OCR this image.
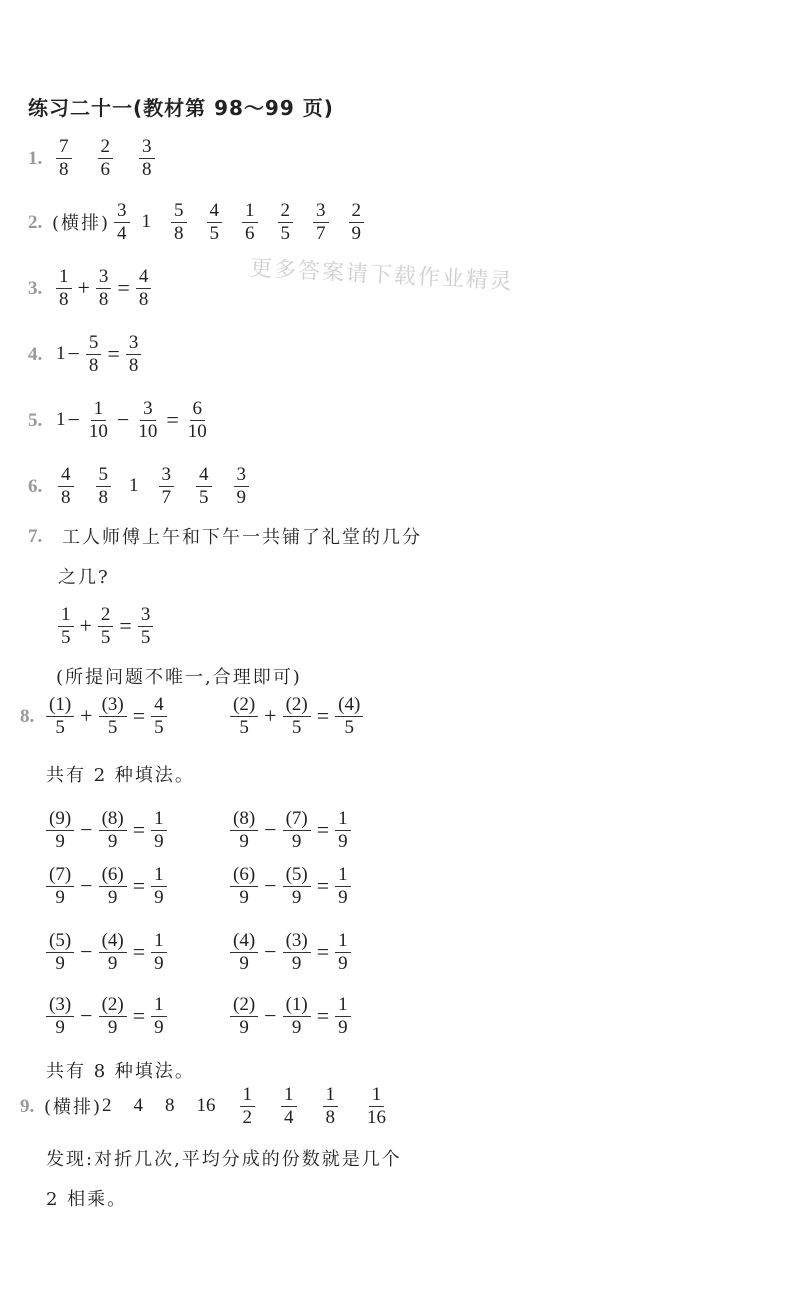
练习二十一(教材第 98～99 页)
更多答案请下载作业精灵
1. $\frac{7}{8} \frac{2}{6} \frac{3}{8}$
2. (横排) $\frac{3}{4} 1 \frac{5}{8} \frac{4}{5} \frac{1}{6} \frac{2}{5} \frac{3}{7} \frac{2}{9}$
3. $\frac{1}{8} + \frac{3}{8} = \frac{4}{8}$
4. $1 - \frac{5}{8} = \frac{3}{8}$
5. $1 - \frac{1}{10} - \frac{3}{10} = \frac{6}{10}$
6. $\frac{4}{8} \frac{5}{8} 1 \frac{3}{7} \frac{4}{5} \frac{3}{9}$
7. 工人师傅上午和下午一共铺了礼堂的几分
之几?
$\frac{1}{5} + \frac{2}{5} = \frac{3}{5}$
(所提问题不唯一,合理即可)
8. $\frac{(1)}{5} + \frac{(3)}{5} = \frac{4}{5}$	$\frac{(2)}{5} + \frac{(2)}{5} = \frac{(4)}{5}$
共有 2 种填法。
$\frac{(9)}{9} - \frac{(8)}{9} = \frac{1}{9}$	$\frac{(8)}{9} - \frac{(7)}{9} = \frac{1}{9}$
$\frac{(7)}{9} - \frac{(6)}{9} = \frac{1}{9}$	$\frac{(6)}{9} - \frac{(5)}{9} = \frac{1}{9}$
$\frac{(5)}{9} - \frac{(4)}{9} = \frac{1}{9}$	$\frac{(4)}{9} - \frac{(3)}{9} = \frac{1}{9}$
$\frac{(3)}{9} - \frac{(2)}{9} = \frac{1}{9}$	$\frac{(2)}{9} - \frac{(1)}{9} = \frac{1}{9}$
共有 8 种填法。
9. (横排) 2 4 8 $16 \frac{1}{2} \frac{1}{4} \frac{1}{8} \frac{1}{16}$
发现:对折几次,平均分成的份数就是几个
2 相乘。
